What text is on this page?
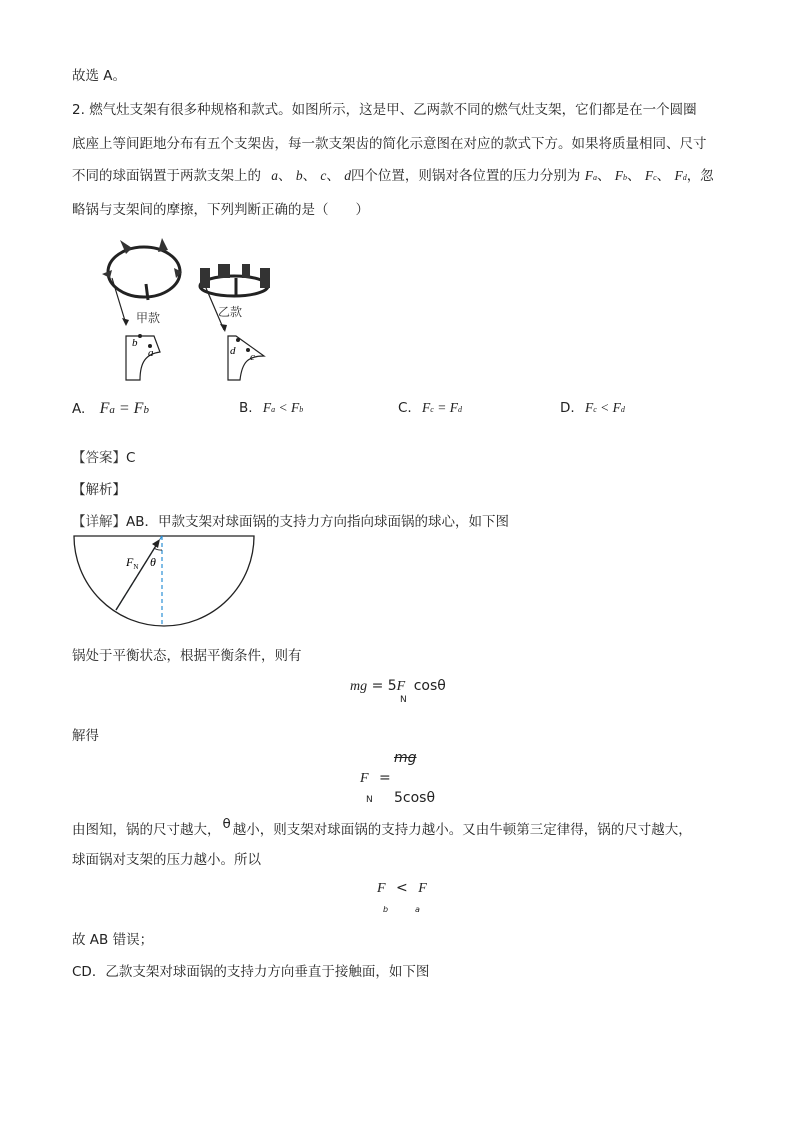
故选 A。
2. 燃气灶支架有很多种规格和款式。如图所示，这是甲、乙两款不同的燃气灶支架，它们都是在一个圆圈
底座上等间距地分布有五个支架齿，每一款支架齿的简化示意图在对应的款式下方。如果将质量相同、尺寸
不同的球面锅置于两款支架上的 a、 b、 c、 d四个位置，则锅对各位置的压力分别为 Fa、 Fb、 Fc、 Fd，忽
略锅与支架间的摩擦，下列判断正确的是（　　）
甲款	乙款
b
a	d c
A. Fa = Fb	B. Fa < Fb	C. Fc = Fd	D. Fc < Fd
【答案】C
【解析】
【详解】AB．甲款支架对球面锅的支持力方向指向球面锅的球心，如下图
$F_N$ θ
锅处于平衡状态，根据平衡条件，则有
mg = 5F cosθ
N
解得
mg
F =
N 5cosθ
由图知，锅的尺寸越大， θ 越小，则支架对球面锅的支持力越小。又由牛顿第三定律得，锅的尺寸越大，
球面锅对支架的压力越小。所以
F < F
b	a
故 AB 错误；
CD．乙款支架对球面锅的支持力方向垂直于接触面，如下图
